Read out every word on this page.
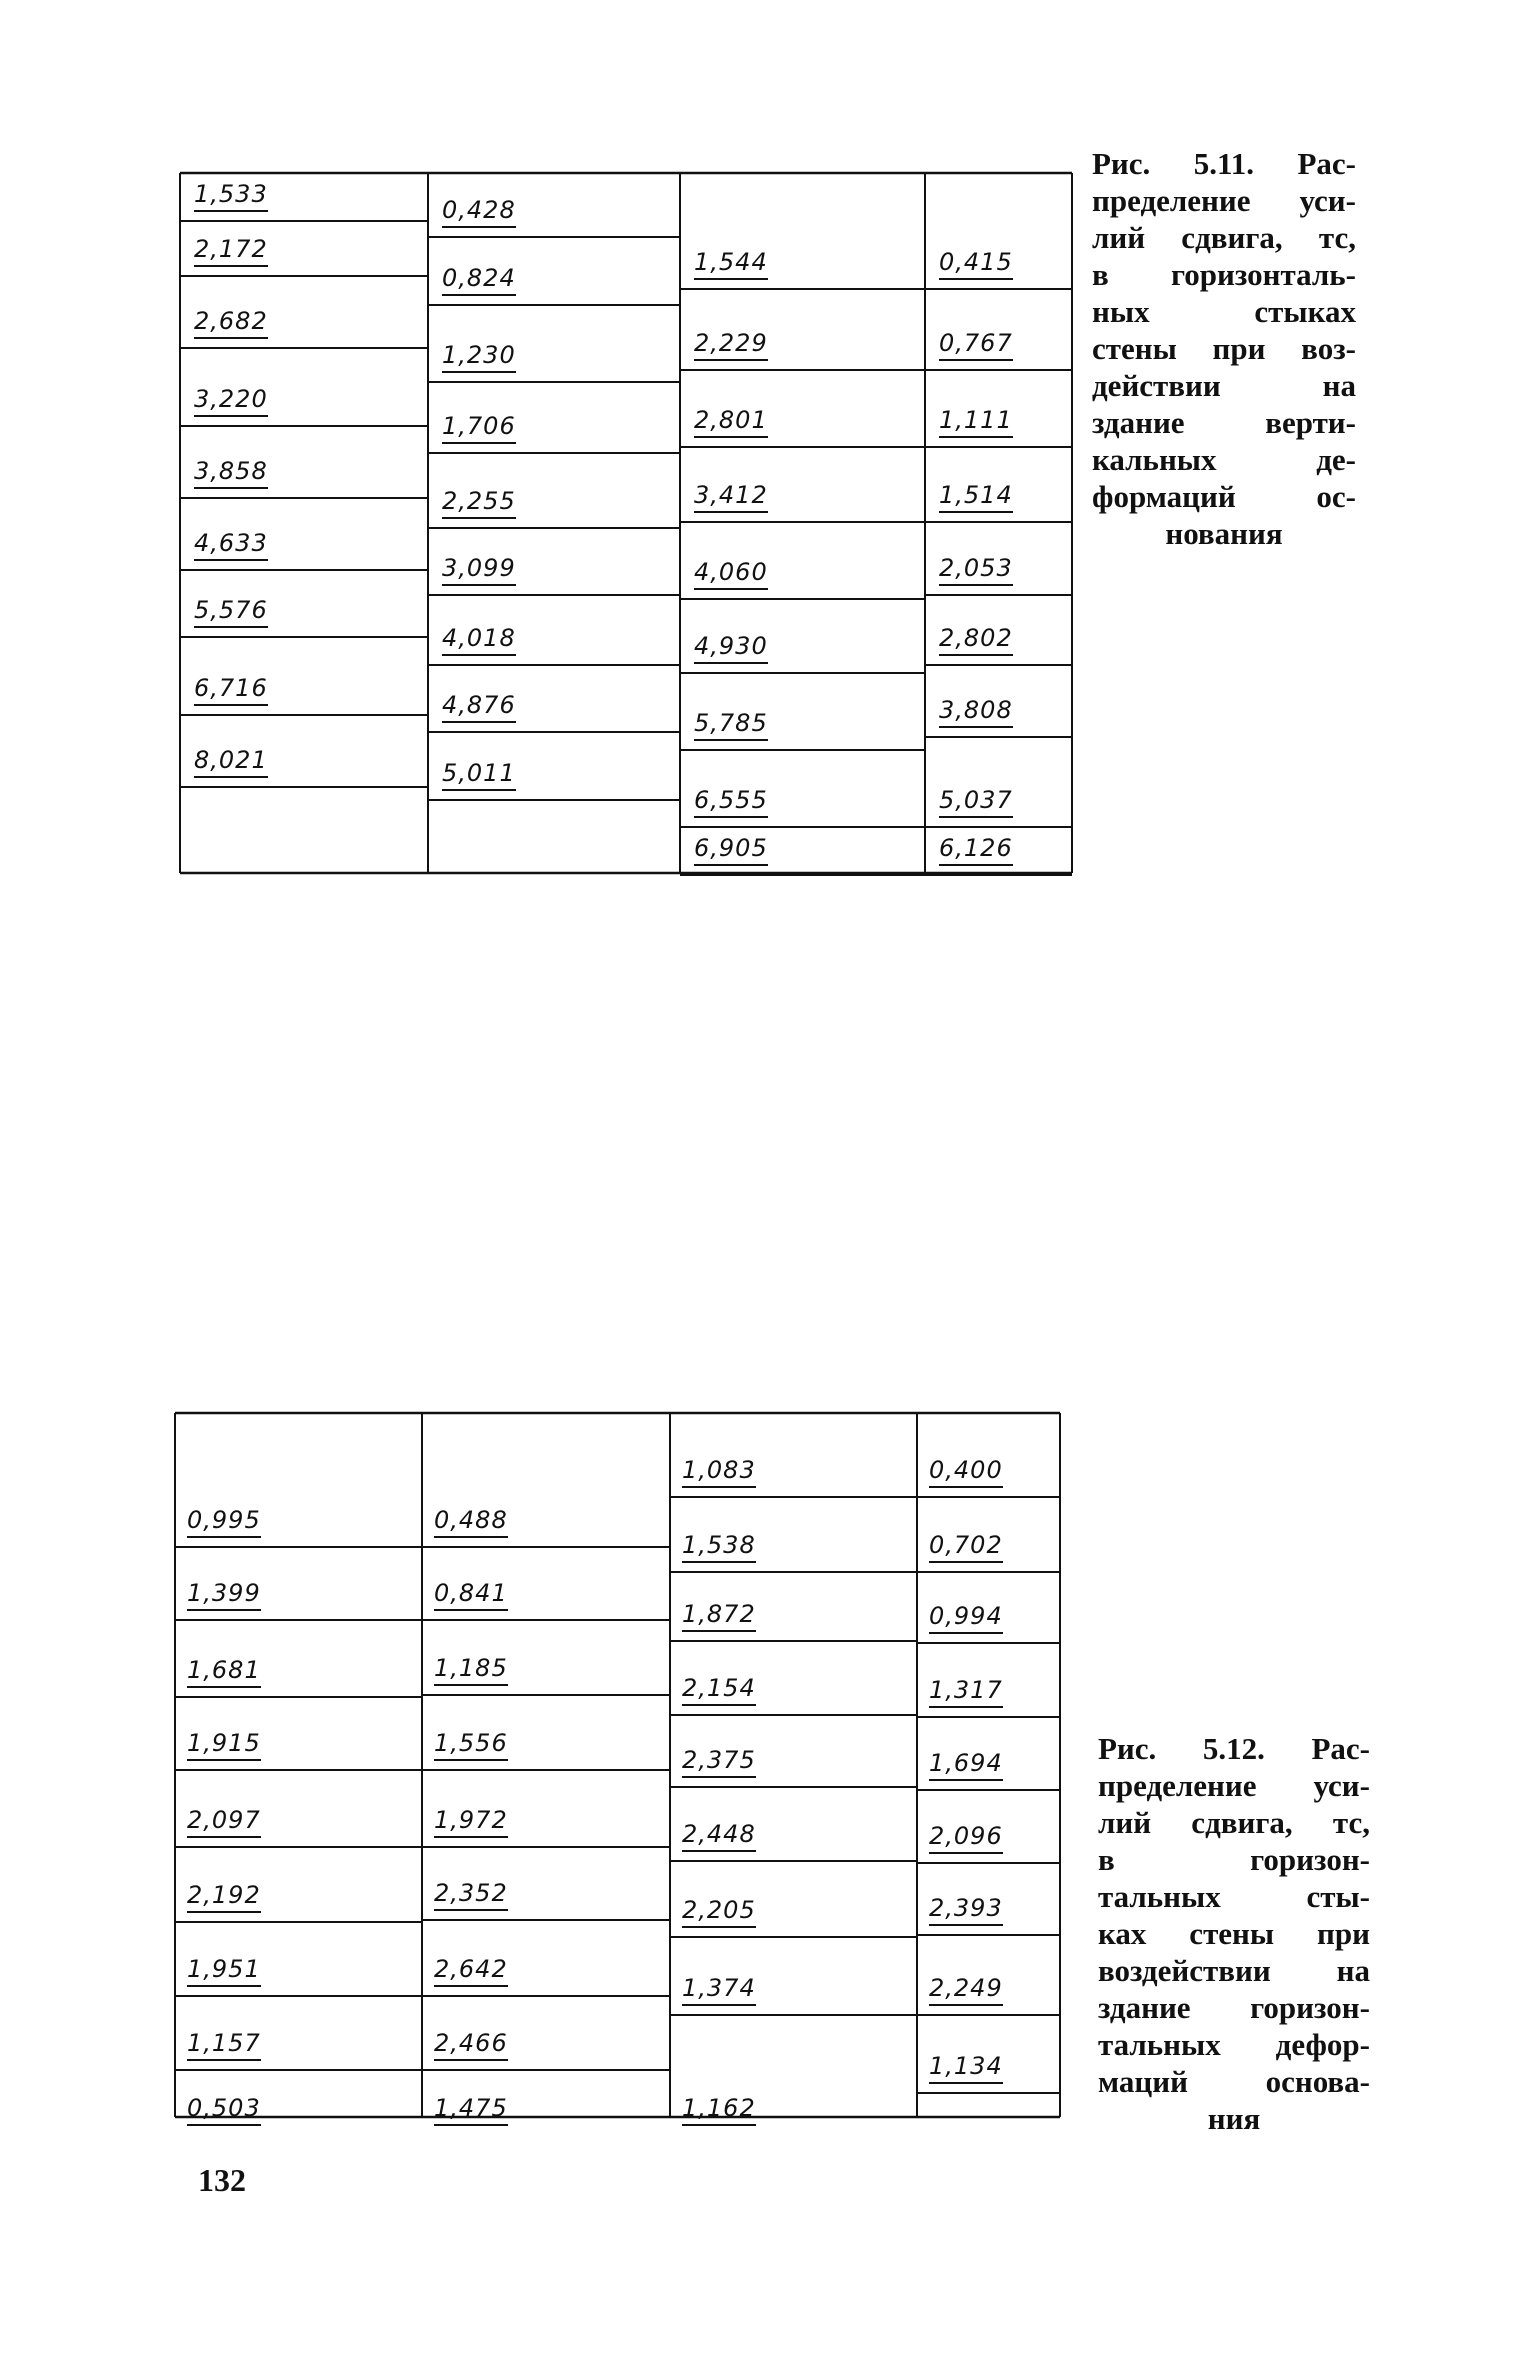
1,533
2,172
2,682
3,220
3,858
4,633
5,576
6,716
8,021
0,428
0,824
1,230
1,706
2,255
3,099
4,018
4,876
5,011
1,544
2,229
2,801
3,412
4,060
4,930
5,785
6,555
6,905
0,415
0,767
1,111
1,514
2,053
2,802
3,808
5,037
6,126
Рис. 5.11. Рас-
пределение уси-
лий сдвига, тс,
в горизонталь-
ных стыках
стены при воз-
действии на
здание верти-
кальных де-
формаций ос-
нования
0,995
1,399
1,681
1,915
2,097
2,192
1,951
1,157
0,503
0,488
0,841
1,185
1,556
1,972
2,352
2,642
2,466
1,475
1,083
1,538
1,872
2,154
2,375
2,448
2,205
1,374
1,162
0,400
0,702
0,994
1,317
1,694
2,096
2,393
2,249
1,134
Рис. 5.12. Рас-
пределение уси-
лий сдвига, тс,
в горизон-
тальных сты-
ках стены при
воздействии на
здание горизон-
тальных дефор-
маций основа-
ния
132
